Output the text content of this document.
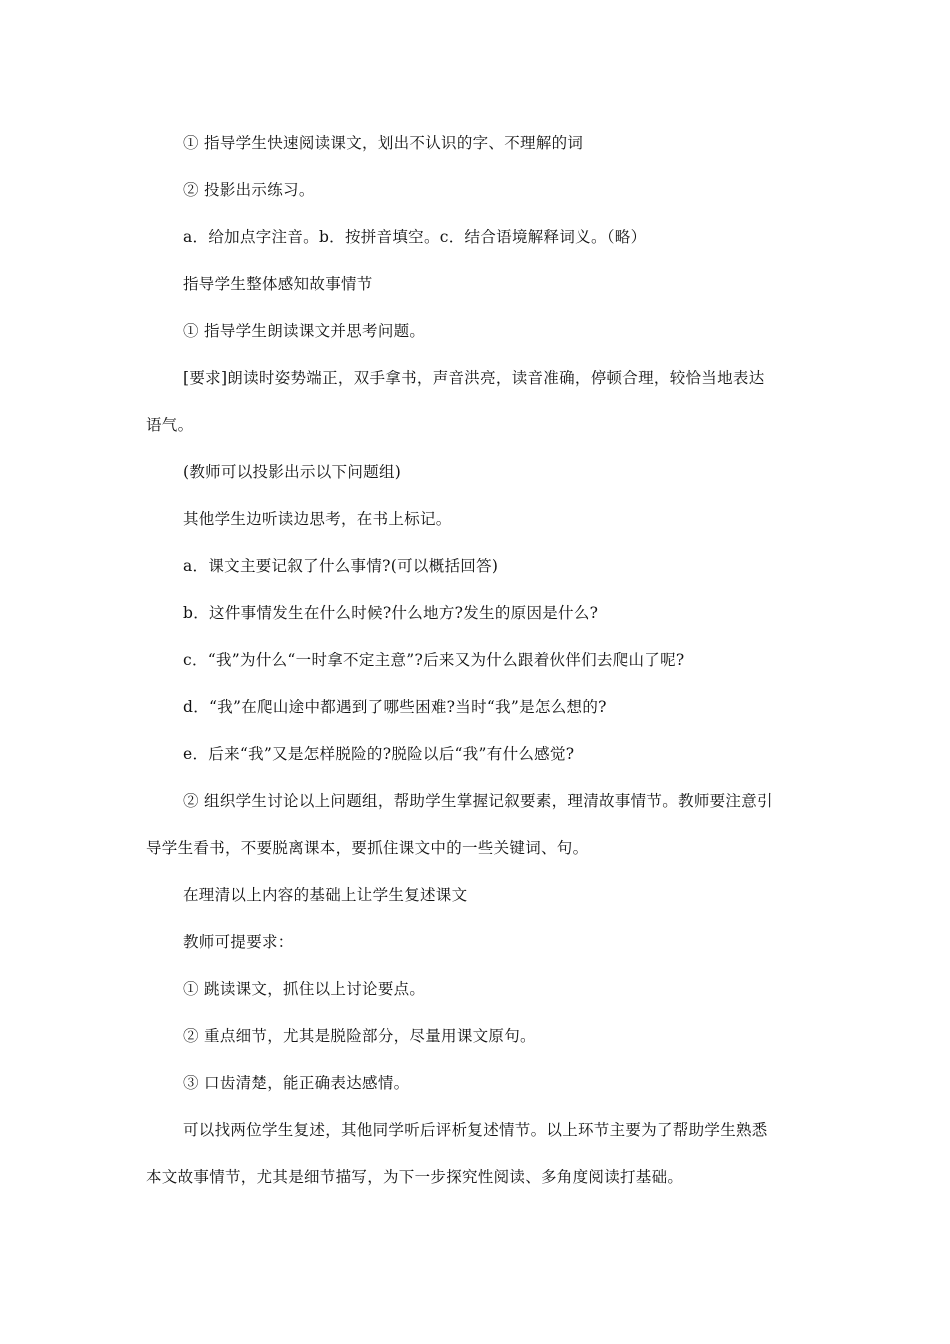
① 指导学生快速阅读课文，划出不认识的字、不理解的词

② 投影出示练习。

a．给加点字注音。b．按拼音填空。c．结合语境解释词义。（略）

指导学生整体感知故事情节

① 指导学生朗读课文并思考问题。

[要求]朗读时姿势端正，双手拿书，声音洪亮，读音准确，停顿合理，较恰当地表达

语气。

(教师可以投影出示以下问题组)

其他学生边听读边思考，在书上标记。

a．课文主要记叙了什么事情?(可以概括回答)

b．这件事情发生在什么时候?什么地方?发生的原因是什么?

c．“我”为什么“一时拿不定主意”?后来又为什么跟着伙伴们去爬山了呢?

d．“我”在爬山途中都遇到了哪些困难?当时“我”是怎么想的?

e．后来“我”又是怎样脱险的?脱险以后“我”有什么感觉?

② 组织学生讨论以上问题组，帮助学生掌握记叙要素，理清故事情节。教师要注意引

导学生看书，不要脱离课本，要抓住课文中的一些关键词、句。

在理清以上内容的基础上让学生复述课文

教师可提要求：

① 跳读课文，抓住以上讨论要点。

② 重点细节，尤其是脱险部分，尽量用课文原句。

③ 口齿清楚，能正确表达感情。

可以找两位学生复述，其他同学听后评析复述情节。以上环节主要为了帮助学生熟悉

本文故事情节，尤其是细节描写，为下一步探究性阅读、多角度阅读打基础。
